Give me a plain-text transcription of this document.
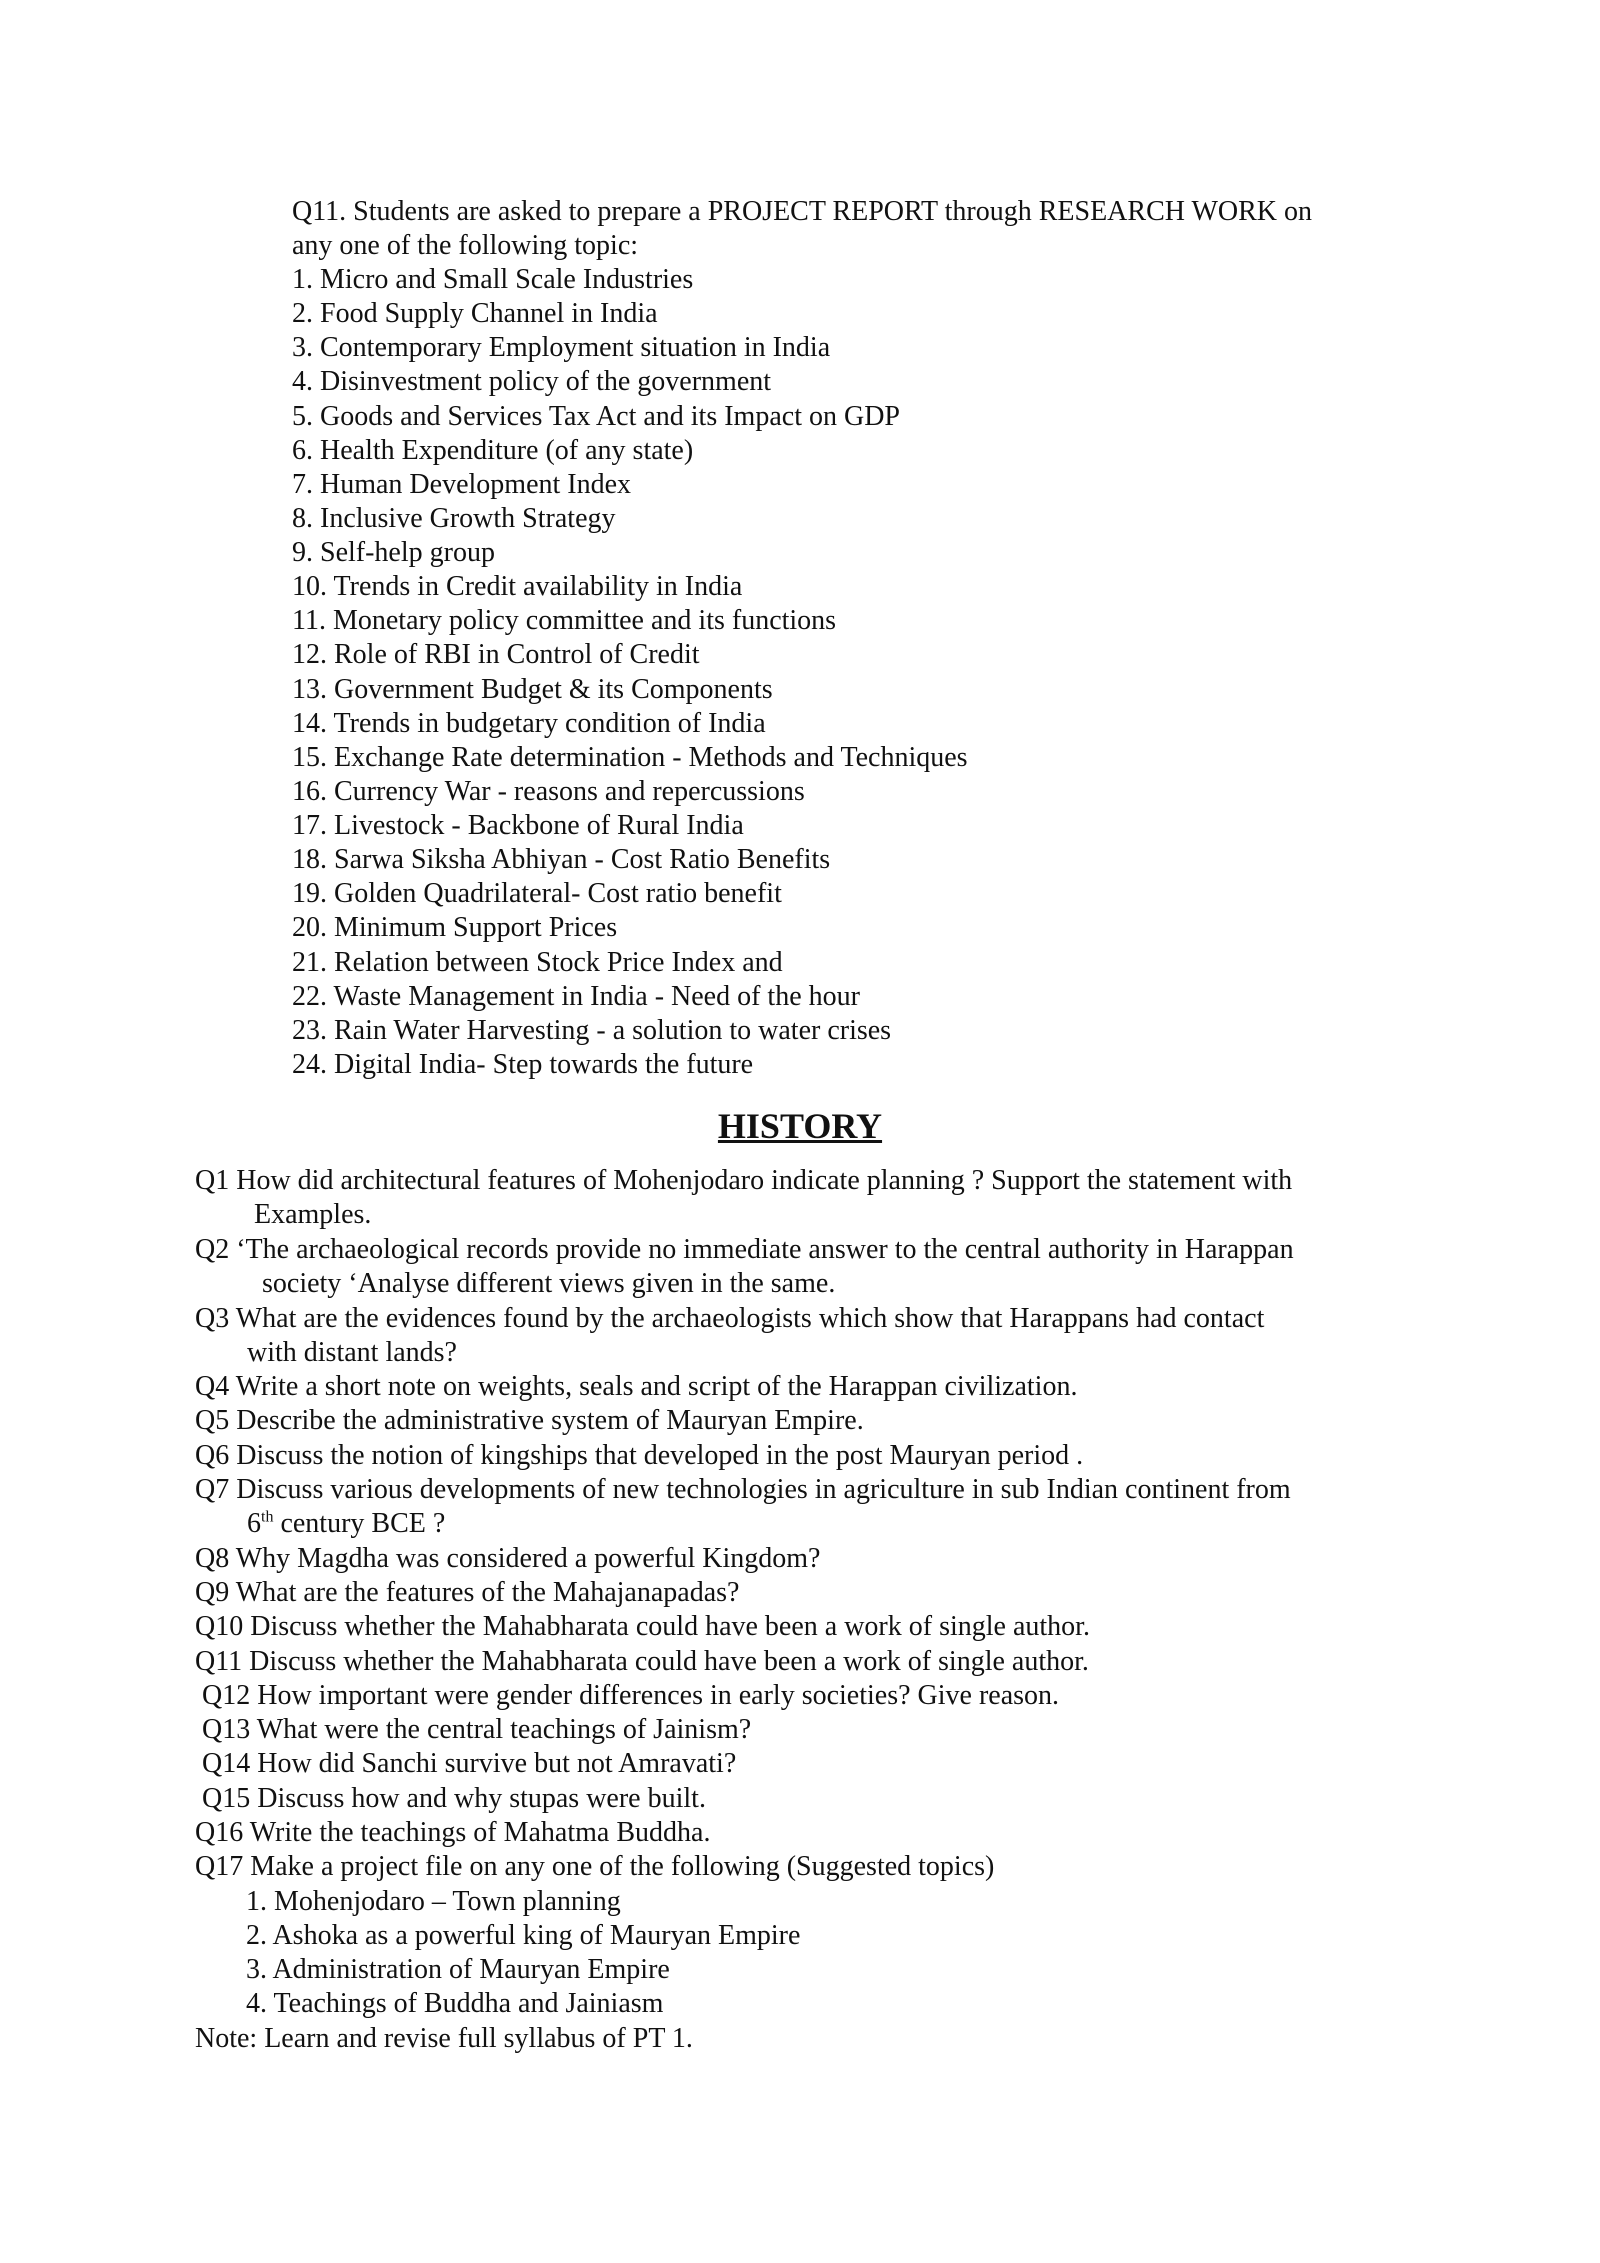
Q11. Students are asked to prepare a PROJECT REPORT through RESEARCH WORK on
any one of the following topic:
1. Micro and Small Scale Industries
2. Food Supply Channel in India
3. Contemporary Employment situation in India
4. Disinvestment policy of the government
5. Goods and Services Tax Act and its Impact on GDP
6. Health Expenditure (of any state)
7. Human Development Index
8. Inclusive Growth Strategy
9. Self-help group
10. Trends in Credit availability in India
11. Monetary policy committee and its functions
12. Role of RBI in Control of Credit
13. Government Budget & its Components
14. Trends in budgetary condition of India
15. Exchange Rate determination - Methods and Techniques
16. Currency War - reasons and repercussions
17. Livestock - Backbone of Rural India
18. Sarwa Siksha Abhiyan - Cost Ratio Benefits
19. Golden Quadrilateral- Cost ratio benefit
20. Minimum Support Prices
21. Relation between Stock Price Index and
22. Waste Management in India - Need of the hour
23. Rain Water Harvesting - a solution to water crises
24. Digital India- Step towards the future
HISTORY
Q1 How did architectural features of Mohenjodaro indicate planning ? Support the statement with
Examples.
Q2 ‘The archaeological records provide no immediate answer to the central authority in Harappan
society ‘Analyse different views given in the same.
Q3 What are the evidences found by the archaeologists which show that Harappans had contact
with distant lands?
Q4 Write a short note on weights, seals and script of the Harappan civilization.
Q5 Describe the administrative system of Mauryan Empire.
Q6 Discuss the notion of kingships that developed in the post Mauryan period .
Q7 Discuss various developments of new technologies in agriculture in sub Indian continent from
6th century BCE ?
Q8 Why Magdha was considered a powerful Kingdom?
Q9 What are the features of the Mahajanapadas?
Q10 Discuss whether the Mahabharata could have been a work of single author.
Q11 Discuss whether the Mahabharata could have been a work of single author.
Q12 How important were gender differences in early societies? Give reason.
Q13 What were the central teachings of Jainism?
Q14 How did Sanchi survive but not Amravati?
Q15 Discuss how and why stupas were built.
Q16 Write the teachings of Mahatma Buddha.
Q17 Make a project file on any one of the following (Suggested topics)
1. Mohenjodaro – Town planning
2. Ashoka as a powerful king of Mauryan Empire
3. Administration of Mauryan Empire
4. Teachings of Buddha and Jainiasm
Note: Learn and revise full syllabus of PT 1.
